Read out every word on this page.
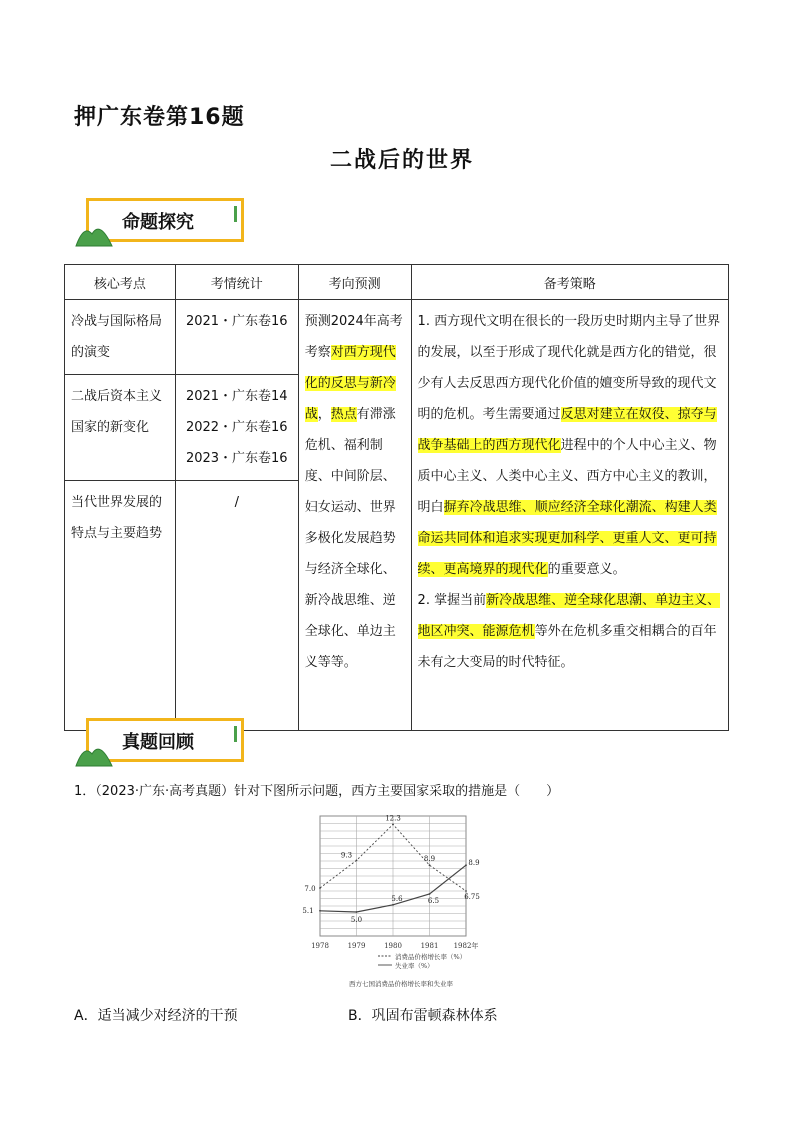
押广东卷第16题
二战后的世界
命题探究
核心考点	考情统计	考向预测	备考策略
冷战与国际格局的演变	2021・广东卷16	预测2024年高考考察对西方现代化的反思与新冷战，热点有滞涨危机、福利制度、中间阶层、妇女运动、世界多极化发展趋势与经济全球化、新冷战思维、逆全球化、单边主义等等。	1. 西方现代文明在很长的一段历史时期内主导了世界的发展，以至于形成了现代化就是西方化的错觉，很少有人去反思西方现代化价值的嬗变所导致的现代文明的危机。考生需要通过反思对建立在奴役、掠夺与战争基础上的西方现代化进程中的个人中心主义、物质中心主义、人类中心主义、西方中心主义的教训，明白摒弃冷战思维、顺应经济全球化潮流、构建人类命运共同体和追求实现更加科学、更重人文、更可持续、更高境界的现代化的重要意义。
2. 掌握当前新冷战思维、逆全球化思潮、单边主义、地区冲突、能源危机等外在危机多重交相耦合的百年未有之大变局的时代特征。
二战后资本主义国家的新变化	2021・广东卷14
2022・广东卷16
2023・广东卷16		

当代世界发展的特点与主要趋势	/		
真题回顾
1．（2023·广东·高考真题）针对下图所示问题，西方主要国家采取的措施是（　　）
1978	1979	1980	1981 1982年
7.0
9.3
12.3
8.9
6.75
5.1
5.0
5.6	6.5
8.9
消费品价格增长率（%）
失业率（%）
西方七国消费品价格增长率和失业率
A．适当减少对经济的干预	B．巩固布雷顿森林体系
